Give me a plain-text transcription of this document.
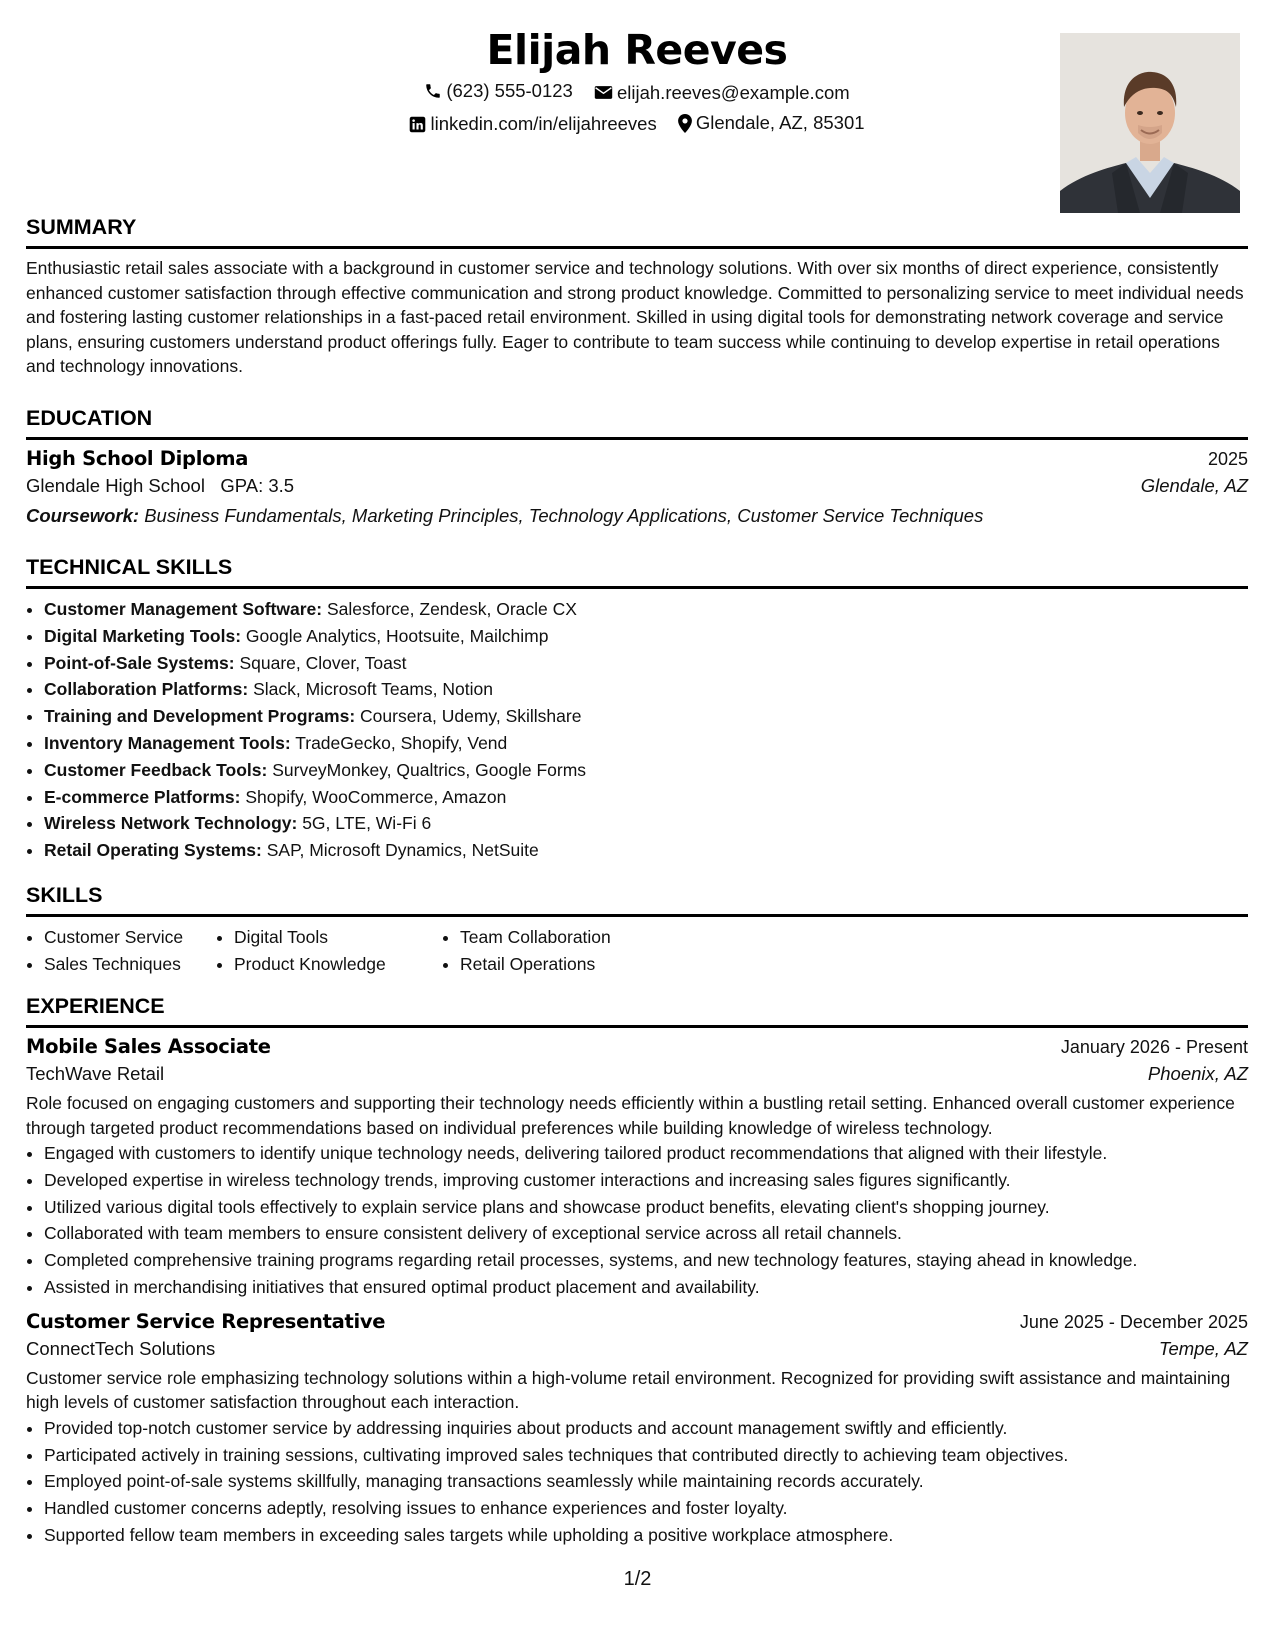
Elijah Reeves
(623) 555-0123
elijah.reeves@example.com
linkedin.com/in/elijahreeves
Glendale, AZ, 85301
SUMMARY

Enthusiastic retail sales associate with a background in customer service and technology solutions. With over six months of direct experience, consistently enhanced customer satisfaction through effective communication and strong product knowledge. Committed to personalizing service to meet individual needs and fostering lasting customer relationships in a fast-paced retail environment. Skilled in using digital tools for demonstrating network coverage and service plans, ensuring customers understand product offerings fully. Eager to contribute to team success while continuing to develop expertise in retail operations and technology innovations.

EDUCATION
High School Diploma	2025
Glendale High School GPA: 3.5	Glendale, AZ
Coursework: Business Fundamentals, Marketing Principles, Technology Applications, Customer Service Techniques
TECHNICAL SKILLS
• Customer Management Software: Salesforce, Zendesk, Oracle CX
• Digital Marketing Tools: Google Analytics, Hootsuite, Mailchimp
• Point-of-Sale Systems: Square, Clover, Toast
• Collaboration Platforms: Slack, Microsoft Teams, Notion
• Training and Development Programs: Coursera, Udemy, Skillshare
• Inventory Management Tools: TradeGecko, Shopify, Vend
• Customer Feedback Tools: SurveyMonkey, Qualtrics, Google Forms
• E-commerce Platforms: Shopify, WooCommerce, Amazon
• Wireless Network Technology: 5G, LTE, Wi-Fi 6
• Retail Operating Systems: SAP, Microsoft Dynamics, NetSuite
SKILLS
• Customer Service
• Sales Techniques
• Digital Tools
• Product Knowledge
• Team Collaboration
• Retail Operations
EXPERIENCE
Mobile Sales Associate	January 2026 - Present
TechWave Retail	Phoenix, AZ

Role focused on engaging customers and supporting their technology needs efficiently within a bustling retail setting. Enhanced overall customer experience through targeted product recommendations based on individual preferences while building knowledge of wireless technology.

• Engaged with customers to identify unique technology needs, delivering tailored product recommendations that aligned with their lifestyle.
• Developed expertise in wireless technology trends, improving customer interactions and increasing sales figures significantly.
• Utilized various digital tools effectively to explain service plans and showcase product benefits, elevating client's shopping journey.
• Collaborated with team members to ensure consistent delivery of exceptional service across all retail channels.
• Completed comprehensive training programs regarding retail processes, systems, and new technology features, staying ahead in knowledge.
• Assisted in merchandising initiatives that ensured optimal product placement and availability.
Customer Service Representative	June 2025 - December 2025
ConnectTech Solutions	Tempe, AZ

Customer service role emphasizing technology solutions within a high-volume retail environment. Recognized for providing swift assistance and maintaining high levels of customer satisfaction throughout each interaction.

• Provided top-notch customer service by addressing inquiries about products and account management swiftly and efficiently.
• Participated actively in training sessions, cultivating improved sales techniques that contributed directly to achieving team objectives.
• Employed point-of-sale systems skillfully, managing transactions seamlessly while maintaining records accurately.
• Handled customer concerns adeptly, resolving issues to enhance experiences and foster loyalty.
• Supported fellow team members in exceeding sales targets while upholding a positive workplace atmosphere.
1/2
